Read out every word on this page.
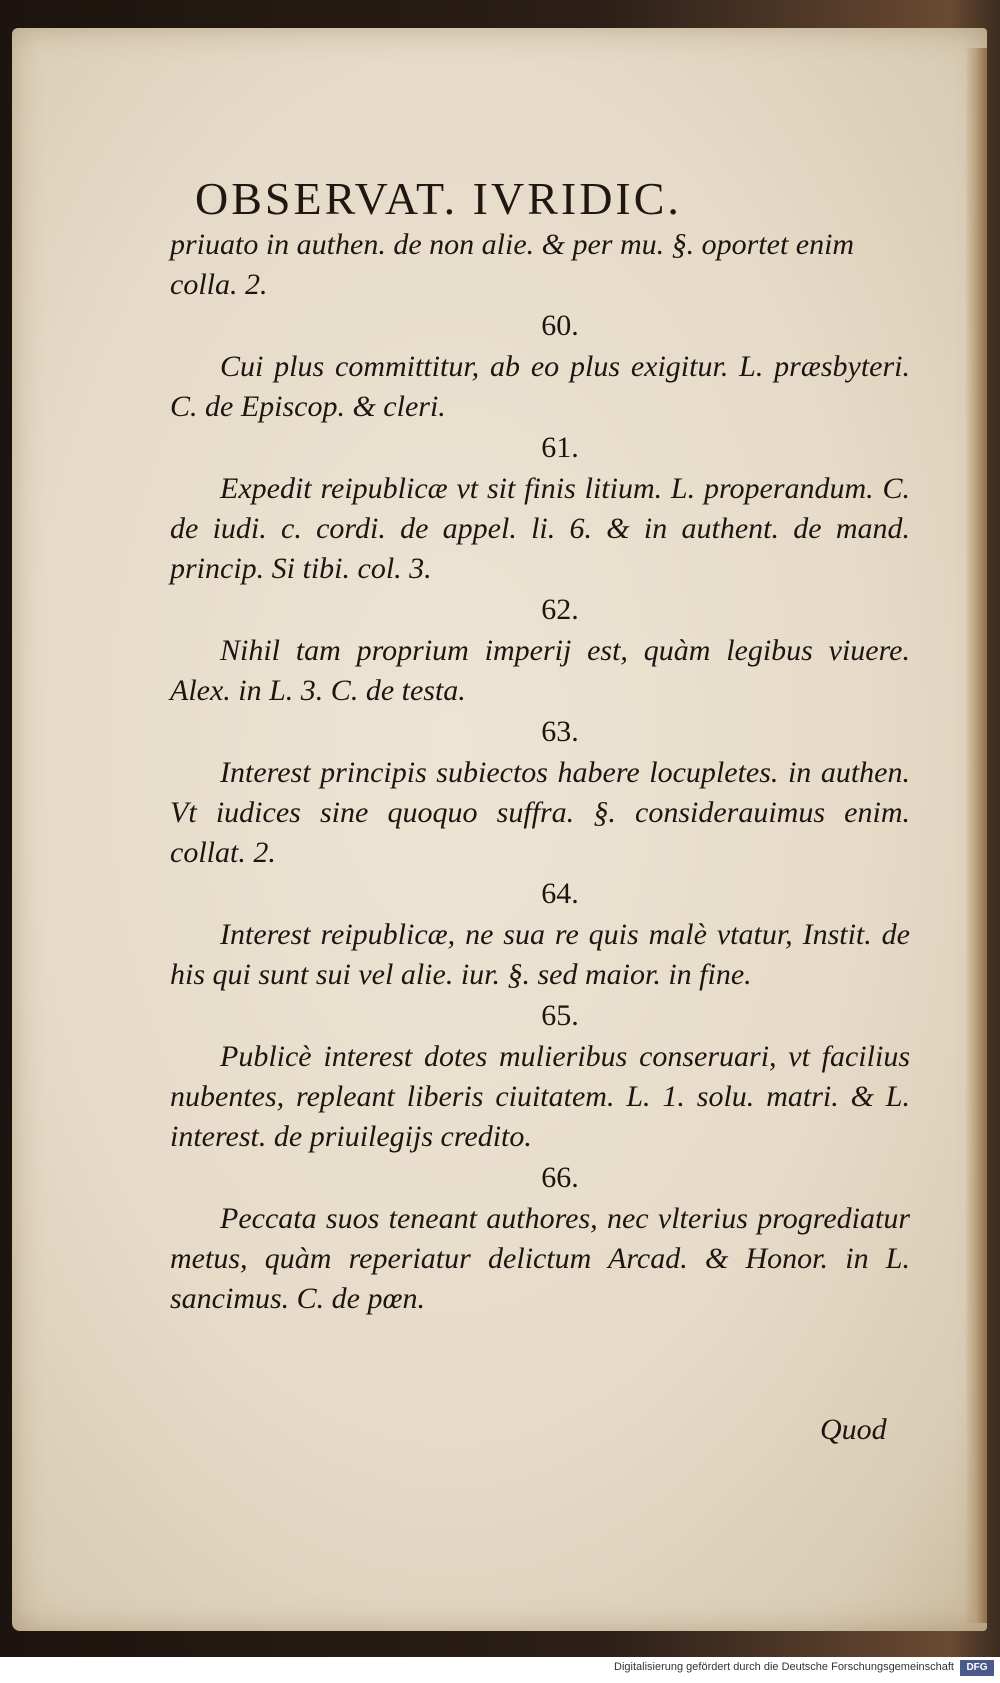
OBSERVAT. IVRIDIC.

priuato in authen. de non alie. & per mu. §. oportet enim colla. 2.

60.

Cui plus committitur, ab eo plus exigitur. L. præsbyteri. C. de Episcop. & cleri.

61.

Expedit reipublicæ vt sit finis litium. L. properandum. C. de iudi. c. cordi. de appel. li. 6. & in authent. de mand. princip. Si tibi. col. 3.

62.

Nihil tam proprium imperij est, quàm legibus viuere. Alex. in L. 3. C. de testa.

63.

Interest principis subiectos habere locupletes. in authen. Vt iudices sine quoquo suffra. §. considerauimus enim. collat. 2.

64.

Interest reipublicæ, ne sua re quis malè vtatur, Instit. de his qui sunt sui vel alie. iur. §. sed maior. in fine.

65.

Publicè interest dotes mulieribus conseruari, vt facilius nubentes, repleant liberis ciuitatem. L. 1. solu. matri. & L. interest. de priuilegijs credito.

66.

Peccata suos teneant authores, nec vlterius progrediatur metus, quàm reperiatur delictum Arcad. & Honor. in L. sancimus. C. de pœn.

Quod
Digitalisierung gefördert durch die Deutsche Forschungsgemeinschaft	DFG
